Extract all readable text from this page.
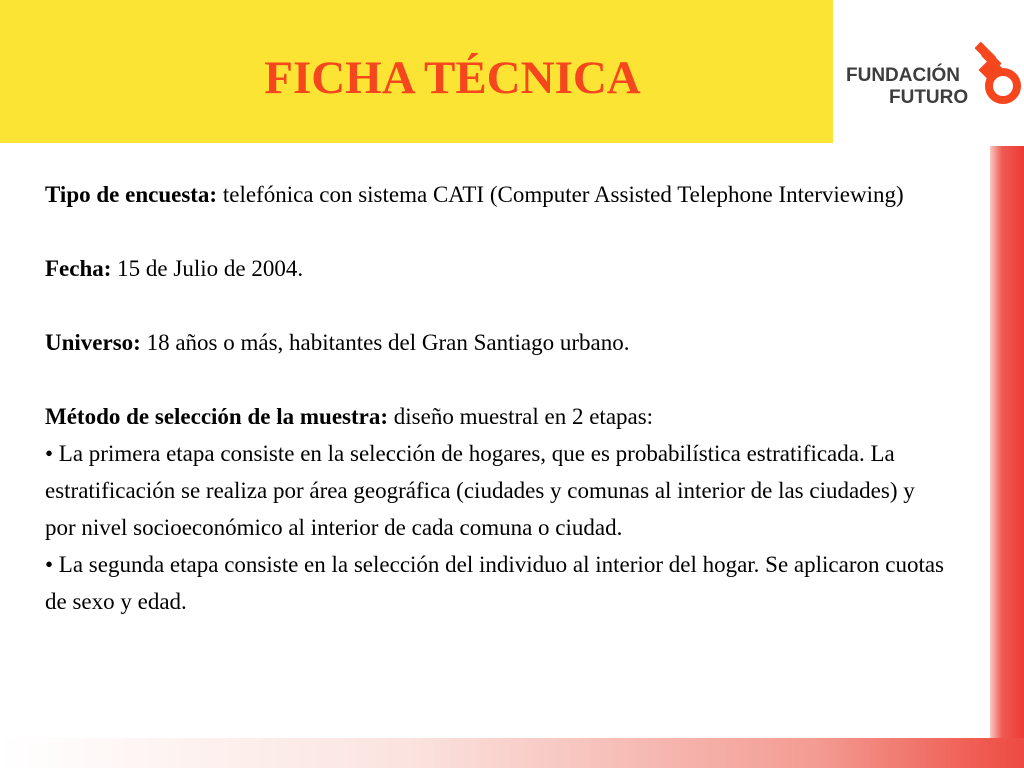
FICHA TÉCNICA	FUNDACIÓN
FUTURO

Tipo de encuesta: telefónica con sistema CATI (Computer Assisted Telephone Interviewing)

Fecha: 15 de Julio de 2004.

Universo: 18 años o más, habitantes del Gran Santiago urbano.

Método de selección de la muestra: diseño muestral en 2 etapas:

• La primera etapa consiste en la selección de hogares, que es probabilística estratificada. La estratificación se realiza por área geográfica (ciudades y comunas al interior de las ciudades) y por nivel socioeconómico al interior de cada comuna o ciudad.

• La segunda etapa consiste en la selección del individuo al interior del hogar. Se aplicaron cuotas de sexo y edad.
